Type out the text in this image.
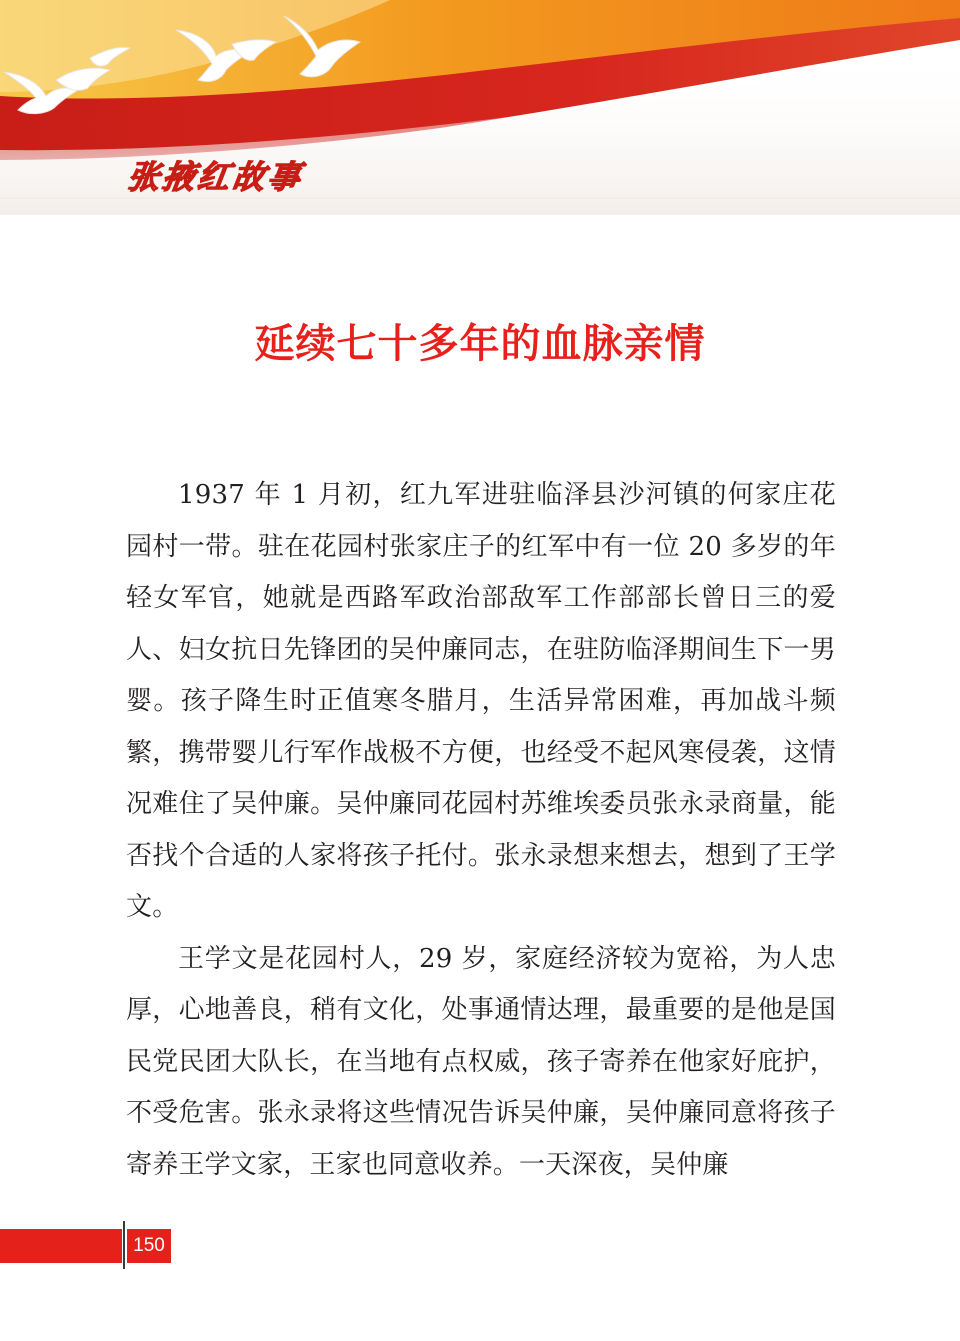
张掖红故事
延续七十多年的血脉亲情

1937 年 1 月初，红九军进驻临泽县沙河镇的何家庄花园村一带。驻在花园村张家庄子的红军中有一位 20 多岁的年轻女军官，她就是西路军政治部敌军工作部部长曾日三的爱人、妇女抗日先锋团的吴仲廉同志，在驻防临泽期间生下一男婴。孩子降生时正值寒冬腊月，生活异常困难，再加战斗频繁，携带婴儿行军作战极不方便，也经受不起风寒侵袭，这情况难住了吴仲廉。吴仲廉同花园村苏维埃委员张永录商量，能否找个合适的人家将孩子托付。张永录想来想去，想到了王学文。

王学文是花园村人，29 岁，家庭经济较为宽裕，为人忠厚，心地善良，稍有文化，处事通情达理，最重要的是他是国民党民团大队长，在当地有点权威，孩子寄养在他家好庇护，不受危害。张永录将这些情况告诉吴仲廉，吴仲廉同意将孩子寄养王学文家，王家也同意收养。一天深夜，吴仲廉

150
